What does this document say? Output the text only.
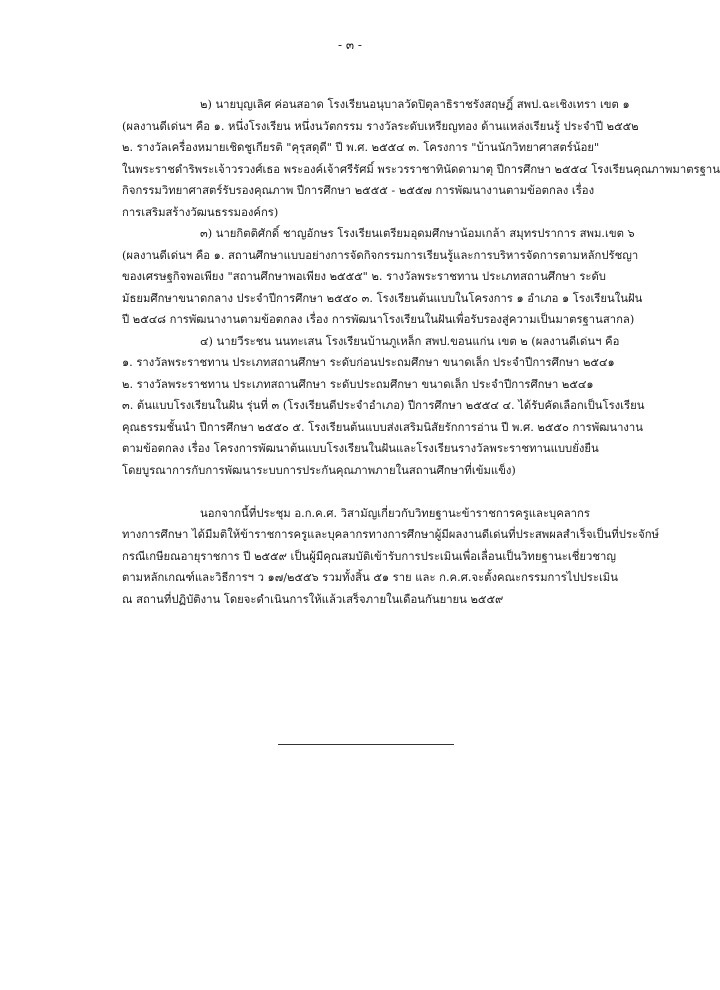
- ๓ -
๒) นายบุญเลิศ ค่อนสอาด โรงเรียนอนุบาลวัดปิตุลาธิราชรังสฤษฎิ์ สพป.ฉะเชิงเทรา เขต ๑
(ผลงานดีเด่นฯ คือ ๑. หนึ่งโรงเรียน หนึ่งนวัตกรรม รางวัลระดับเหรียญทอง ด้านแหล่งเรียนรู้ ประจำปี ๒๕๕๒
๒. รางวัลเครื่องหมายเชิดชูเกียรติ "คุรุสดุดี" ปี พ.ศ. ๒๕๕๔ ๓. โครงการ "บ้านนักวิทยาศาสตร์น้อย"
ในพระราชดำริพระเจ้าวรวงศ์เธอ พระองค์เจ้าศรีรัศมิ์ พระวรราชาทินัดดามาตุ ปีการศึกษา ๒๕๕๔ โรงเรียนคุณภาพมาตรฐาน
กิจกรรมวิทยาศาสตร์รับรองคุณภาพ ปีการศึกษา ๒๕๕๕ - ๒๕๕๗ การพัฒนางานตามข้อตกลง เรื่อง
การเสริมสร้างวัฒนธรรมองค์กร)
๓) นายกิตติศักดิ์ ชาญอักษร โรงเรียนเตรียมอุดมศึกษาน้อมเกล้า สมุทรปราการ สพม.เขต ๖
(ผลงานดีเด่นฯ คือ ๑. สถานศึกษาแบบอย่างการจัดกิจกรรมการเรียนรู้และการบริหารจัดการตามหลักปรัชญา
ของเศรษฐกิจพอเพียง "สถานศึกษาพอเพียง ๒๕๕๕" ๒. รางวัลพระราชทาน ประเภทสถานศึกษา ระดับ
มัธยมศึกษาขนาดกลาง ประจำปีการศึกษา ๒๕๕๐ ๓. โรงเรียนต้นแบบในโครงการ ๑ อำเภอ ๑ โรงเรียนในฝัน
ปี ๒๕๔๘ การพัฒนางานตามข้อตกลง เรื่อง การพัฒนาโรงเรียนในฝันเพื่อรับรองสู่ความเป็นมาตรฐานสากล)
๔) นายวีระชน นนทะเสน โรงเรียนบ้านภูเหล็ก สพป.ขอนแก่น เขต ๒ (ผลงานดีเด่นฯ คือ
๑. รางวัลพระราชทาน ประเภทสถานศึกษา ระดับก่อนประถมศึกษา ขนาดเล็ก ประจำปีการศึกษา ๒๕๔๑
๒. รางวัลพระราชทาน ประเภทสถานศึกษา ระดับประถมศึกษา ขนาดเล็ก ประจำปีการศึกษา ๒๕๔๑
๓. ต้นแบบโรงเรียนในฝัน รุ่นที่ ๓ (โรงเรียนดีประจำอำเภอ) ปีการศึกษา ๒๕๕๔ ๔. ได้รับคัดเลือกเป็นโรงเรียน
คุณธรรมชั้นนำ ปีการศึกษา ๒๕๕๐ ๕. โรงเรียนต้นแบบส่งเสริมนิสัยรักการอ่าน ปี พ.ศ. ๒๕๕๐ การพัฒนางาน
ตามข้อตกลง เรื่อง โครงการพัฒนาต้นแบบโรงเรียนในฝันและโรงเรียนรางวัลพระราชทานแบบยั่งยืน
โดยบูรณาการกับการพัฒนาระบบการประกันคุณภาพภายในสถานศึกษาที่เข้มแข็ง)
นอกจากนี้ที่ประชุม อ.ก.ค.ศ. วิสามัญเกี่ยวกับวิทยฐานะข้าราชการครูและบุคลากร
ทางการศึกษา ได้มีมติให้ข้าราชการครูและบุคลากรทางการศึกษาผู้มีผลงานดีเด่นที่ประสพผลสำเร็จเป็นที่ประจักษ์
กรณีเกษียณอายุราชการ ปี ๒๕๕๙ เป็นผู้มีคุณสมบัติเข้ารับการประเมินเพื่อเลื่อนเป็นวิทยฐานะเชี่ยวชาญ
ตามหลักเกณฑ์และวิธีการฯ ว ๑๗/๒๕๕๖ รวมทั้งสิ้น ๕๑ ราย และ ก.ค.ศ.จะตั้งคณะกรรมการไปประเมิน
ณ สถานที่ปฏิบัติงาน โดยจะดำเนินการให้แล้วเสร็จภายในเดือนกันยายน ๒๕๕๙
